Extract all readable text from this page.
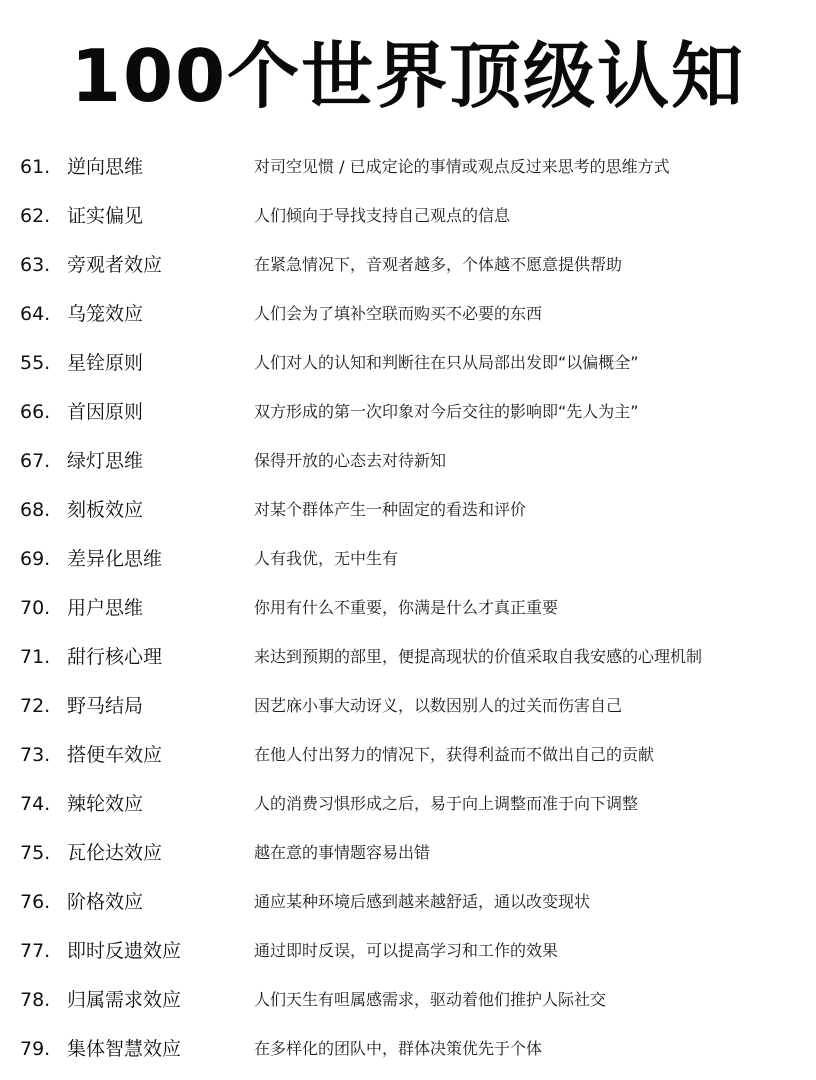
100个世界顶级认知
61. 逆向思维	对司空见惯 / 已成定论的事情或观点反过来思考的思维方式
62. 证实偏见	人们倾向于导找支持自己观点的信息
63. 旁观者效应	在紧急情况下，音观者越多，个体越不愿意提供帮助
64. 乌笼效应	人们会为了填补空联而购买不必要的东西
55. 星铨原则	人们对人的认知和判断往在只从局部出发即“以偏概全”
66. 首因原则	双方形成的第一次印象对今后交往的影响即“先人为主”
67. 绿灯思维	保得开放的心态去对待新知
68. 刻板效应	对某个群体产生一种固定的看迭和评价
69. 差异化思维	人有我优，无中生有
70. 用户思维	你用有什么不重要，你满是什么才真正重要
71. 甜行核心理	来达到预期的部里，便提高现状的价值采取自我安感的心理机制
72. 野马结局	因艺庥小事大动讶义，以数因别人的过关而伤害自己
73. 搭便车效应	在他人付出努力的情况下，获得利益而不做出自己的贡献
74. 辣轮效应	人的消费习惧形成之后，易于向上调整而准于向下调整
75. 瓦伦达效应	越在意的事情题容易出错
76. 阶格效应	通应某种环境后感到越来越舒适，通以改变现状
77. 即时反遗效应	通过即时反误，可以提高学习和工作的效果
78. 归属需求效应	人们天生有呾属感需求，驱动着他们推护人际社交
79. 集体智慧效应	在多样化的团队中，群体决策优先于个体
